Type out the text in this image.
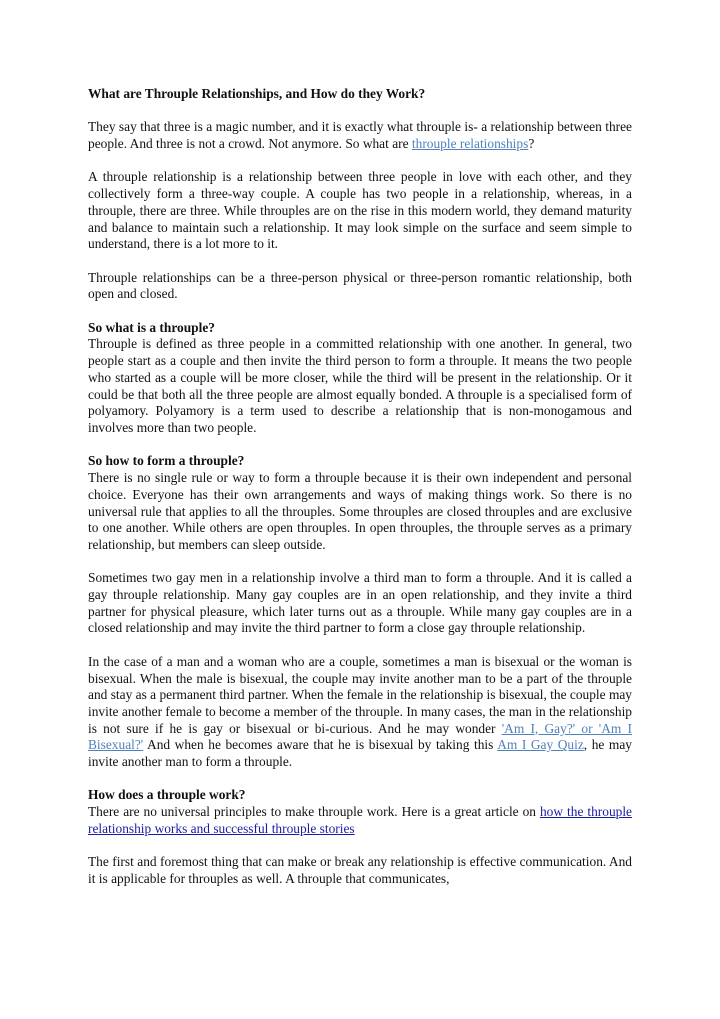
What are Throuple Relationships, and How do they Work?

They say that three is a magic number, and it is exactly what throuple is- a relationship between three people. And three is not a crowd. Not anymore. So what are throuple relationships?

A throuple relationship is a relationship between three people in love with each other, and they collectively form a three-way couple. A couple has two people in a relationship, whereas, in a throuple, there are three. While throuples are on the rise in this modern world, they demand maturity and balance to maintain such a relationship. It may look simple on the surface and seem simple to understand, there is a lot more to it.

Throuple relationships can be a three-person physical or three-person romantic relationship, both open and closed.

So what is a throuple?
Throuple is defined as three people in a committed relationship with one another. In general, two people start as a couple and then invite the third person to form a throuple. It means the two people who started as a couple will be more closer, while the third will be present in the relationship. Or it could be that both all the three people are almost equally bonded. A throuple is a specialised form of polyamory. Polyamory is a term used to describe a relationship that is non-monogamous and involves more than two people.
So how to form a throuple?
There is no single rule or way to form a throuple because it is their own independent and personal choice. Everyone has their own arrangements and ways of making things work. So there is no universal rule that applies to all the throuples. Some throuples are closed throuples and are exclusive to one another. While others are open throuples. In open throuples, the throuple serves as a primary relationship, but members can sleep outside.

Sometimes two gay men in a relationship involve a third man to form a throuple. And it is called a gay throuple relationship. Many gay couples are in an open relationship, and they invite a third partner for physical pleasure, which later turns out as a throuple. While many gay couples are in a closed relationship and may invite the third partner to form a close gay throuple relationship.

In the case of a man and a woman who are a couple, sometimes a man is bisexual or the woman is bisexual. When the male is bisexual, the couple may invite another man to be a part of the throuple and stay as a permanent third partner. When the female in the relationship is bisexual, the couple may invite another female to become a member of the throuple. In many cases, the man in the relationship is not sure if he is gay or bisexual or bi-curious. And he may wonder 'Am I, Gay?' or 'Am I Bisexual?' And when he becomes aware that he is bisexual by taking this Am I Gay Quiz, he may invite another man to form a throuple.

How does a throuple work?
There are no universal principles to make throuple work. Here is a great article on how the throuple relationship works and successful throuple stories

The first and foremost thing that can make or break any relationship is effective communication. And it is applicable for throuples as well. A throuple that communicates,
